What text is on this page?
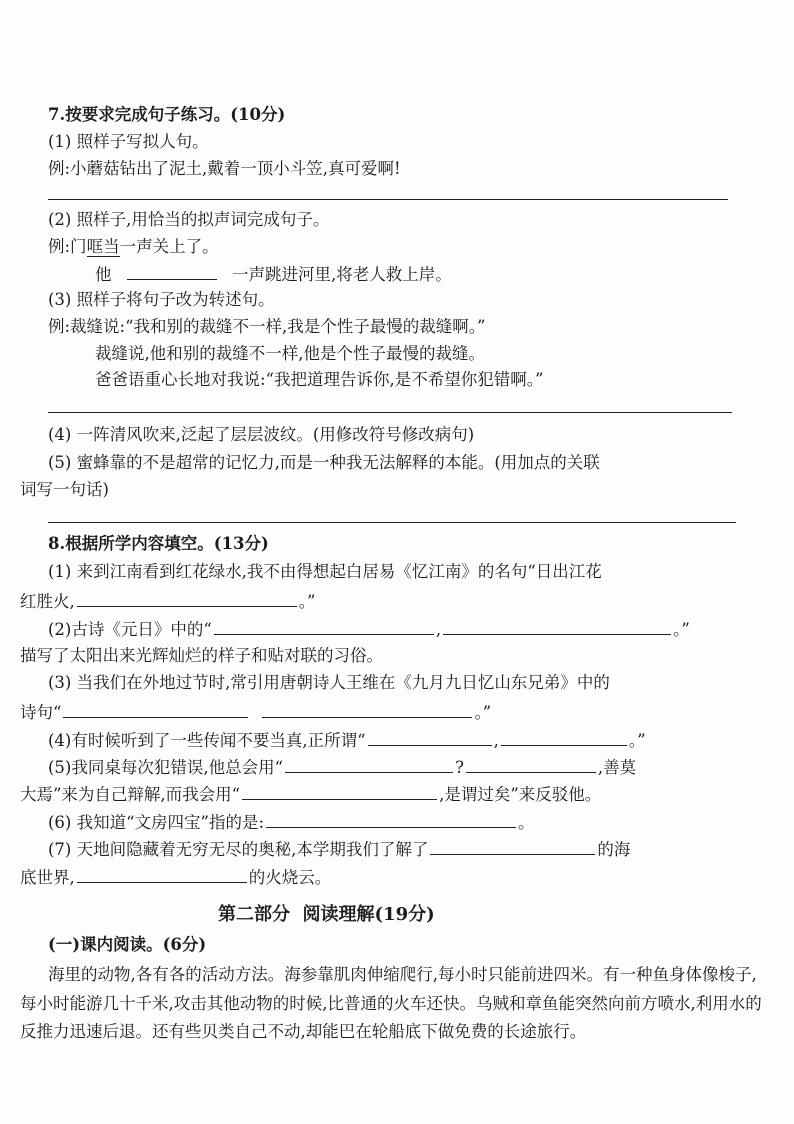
7.按要求完成句子练习。(10分)
(1) 照样子写拟人句。
例:小蘑菇钻出了泥土,戴着一顶小斗笠,真可爱啊!
(2) 照样子,用恰当的拟声词完成句子。
例:门哐当一声关上了。
他	一声跳进河里,将老人救上岸。
(3) 照样子将句子改为转述句。
例:裁缝说:“我和别的裁缝不一样,我是个性子最慢的裁缝啊。”
裁缝说,他和别的裁缝不一样,他是个性子最慢的裁缝。
爸爸语重心长地对我说:“我把道理告诉你,是不希望你犯错啊。”
(4) 一阵清风吹来,泛起了层层波纹。(用修改符号修改病句)
(5) 蜜蜂靠的不是超常的记忆力,而是一种我无法解释的本能。(用加点的关联
词写一句话)
8.根据所学内容填空。(13分)
(1) 来到江南看到红花绿水,我不由得想起白居易《忆江南》的名句“日出江花
红胜火,	。”
(2)古诗《元日》中的“	,	。”
描写了太阳出来光辉灿烂的样子和贴对联的习俗。
(3) 当我们在外地过节时,常引用唐朝诗人王维在《九月九日忆山东兄弟》中的
诗句“	。”
(4)有时候听到了一些传闻不要当真,正所谓“	,	。”
(5)我同桌每次犯错误,他总会用“	?	,善莫
大焉”来为自己辩解,而我会用“	,是谓过矣”来反驳他。
(6) 我知道“文房四宝”指的是:	。
(7) 天地间隐藏着无穷无尽的奥秘,本学期我们了解了	的海
底世界,	的火烧云。
第二部分  阅读理解(19分)
(一)课内阅读。(6分)
海里的动物,各有各的活动方法。海参靠肌肉伸缩爬行,每小时只能前进四米。有一种鱼身体像梭子,每小时能游几十千米,攻击其他动物的时候,比普通的火车还快。乌贼和章鱼能突然向前方喷水,利用水的反推力迅速后退。还有些贝类自己不动,却能巴在轮船底下做免费的长途旅行。
